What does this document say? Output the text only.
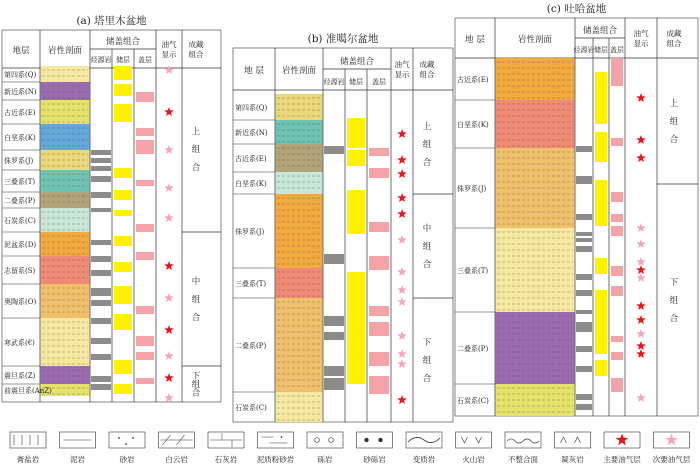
(a) 塔里木盆地
地层 岩性剖面
储盖组合
烃源岩 储层 盖层
油气显示
成藏组合
第四系(Q)
新近系(N)
古近系(E)
白垩系(K)
侏罗系(J)
三叠系(T)
二叠系(P)
石炭系(C)
泥盆系(D)
志留系(S)
奥陶系(O)
寒武系(€)
震旦系(Z)
前震旦系(AnZ)
上组合
中组合
下组合
(b) 准噶尔盆地
地 层 岩性剖面
储盖组合
烃源岩 储层 盖层
油气显示
成藏组合
第四系(Q)
新近系(N)
古近系(E)
白垩系(K)
侏罗系(J)
三叠系(T)
二叠系(P)
石炭系(C)
上组合
中组合
下组合
(c) 吐哈盆地
地 层	岩性剖面
储盖组合
烃源岩 储层 盖层
油气显示
成藏组合
古近系(E)
白垩系(K)
侏罗系(J)
三叠系(T)
二叠系(P)
石炭系(C)
上组合
下组合
膏盐岩	泥岩	砂岩	白云岩	石灰岩	泥质粉砂岩	砾岩	砂砾岩	变质岩	火山岩	不整合面	凝灰岩	主要油气层 次要油气层
